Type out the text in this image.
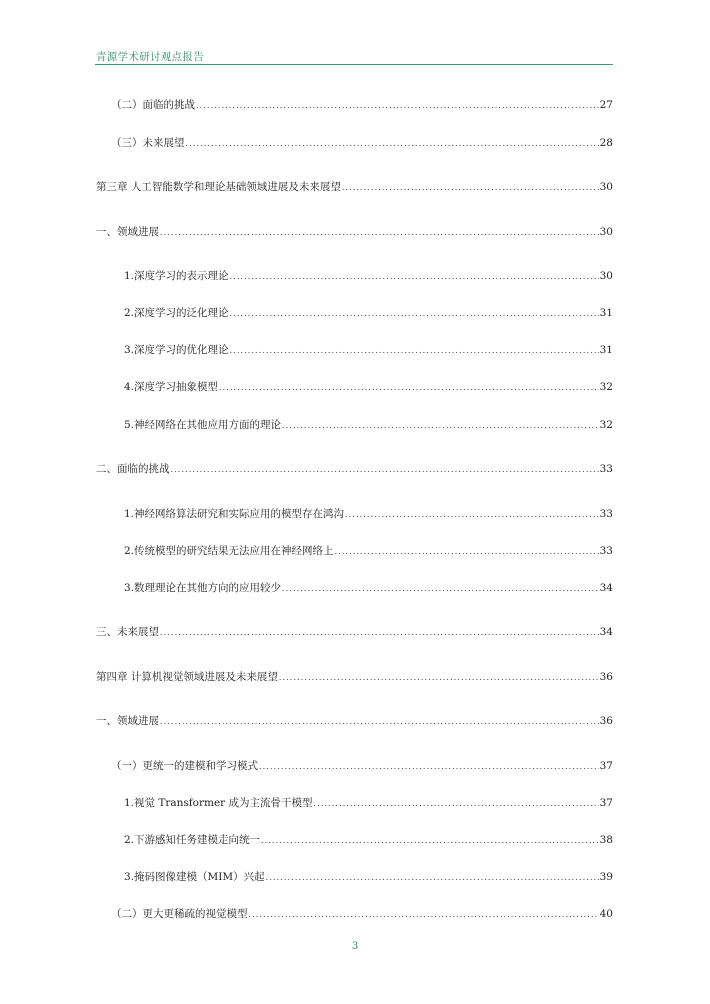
青源学术研讨观点报告
（二）面临的挑战 .....	27
（三）未来展望 .....	28
第三章 人工智能数学和理论基础领域进展及未来展望 .....	30
一、领域进展 .....	30
1.深度学习的表示理论 .....	30
2.深度学习的泛化理论 .....	31
3.深度学习的优化理论 .....	31
4.深度学习抽象模型 .....	32
5.神经网络在其他应用方面的理论 .....	32
二、面临的挑战 .....	33
1.神经网络算法研究和实际应用的模型存在鸿沟 .....	33
2.传统模型的研究结果无法应用在神经网络上 .....	33
3.数理理论在其他方向的应用较少 .....	34
三、未来展望 .....	34
第四章 计算机视觉领域进展及未来展望 .....	36
一、领域进展 .....	36
（一）更统一的建模和学习模式 .....	37
1.视觉 Transformer 成为主流骨干模型 .....	37
2.下游感知任务建模走向统一 .....	38
3.掩码图像建模（MIM）兴起 .....	39
（二）更大更稀疏的视觉模型 .....	40
3
